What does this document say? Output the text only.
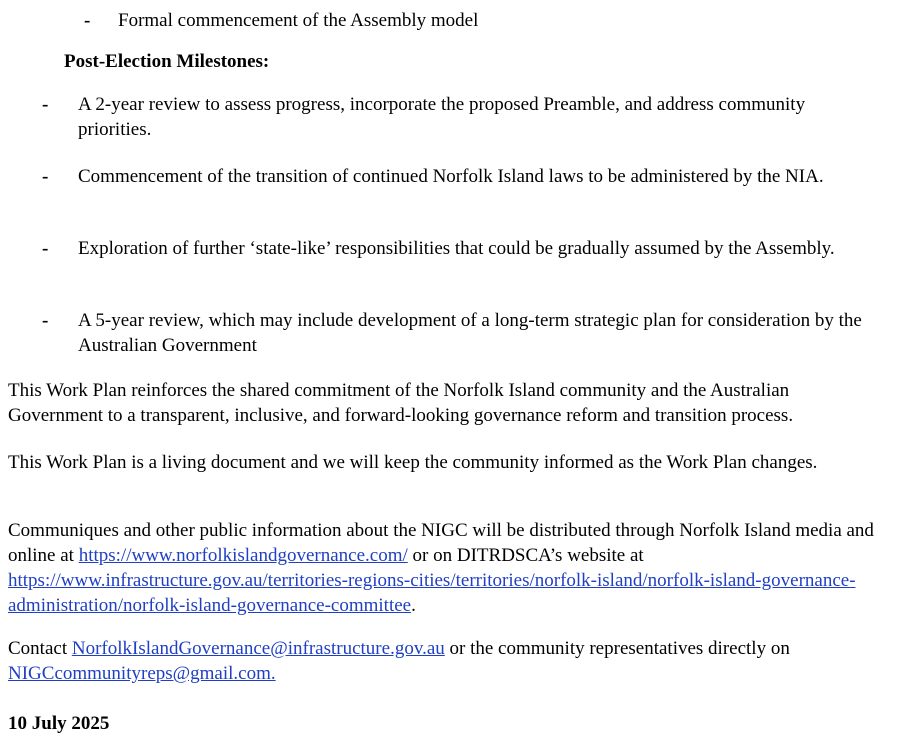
- Formal commencement of the Assembly model
Post-Election Milestones:
- A 2-year review to assess progress, incorporate the proposed Preamble, and address community priorities.
- Commencement of the transition of continued Norfolk Island laws to be administered by the NIA.
- Exploration of further ‘state-like’ responsibilities that could be gradually assumed by the Assembly.
- A 5-year review, which may include development of a long-term strategic plan for consideration by the Australian Government
This Work Plan reinforces the shared commitment of the Norfolk Island community and the Australian Government to a transparent, inclusive, and forward-looking governance reform and transition process.
This Work Plan is a living document and we will keep the community informed as the Work Plan changes.
Communiques and other public information about the NIGC will be distributed through Norfolk Island media and online at https://www.norfolkislandgovernance.com/ or on DITRDSCA’s website at https://www.infrastructure.gov.au/territories-regions-cities/territories/norfolk-island/norfolk-island-governance-administration/norfolk-island-governance-committee.
Contact NorfolkIslandGovernance@infrastructure.gov.au or the community representatives directly on NIGCcommunityreps@gmail.com.
10 July 2025
